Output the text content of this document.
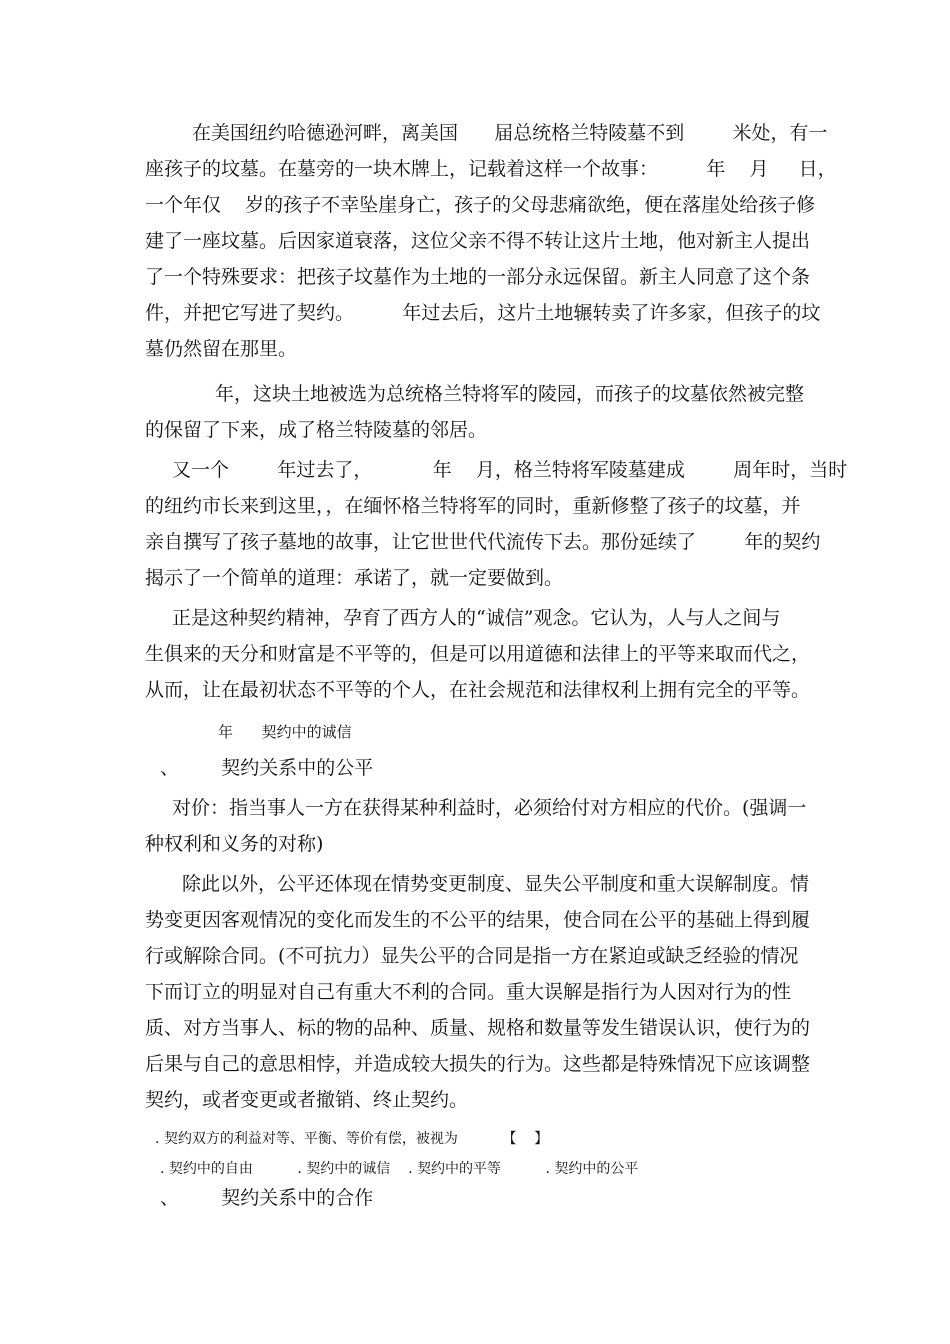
在美国纽约哈德逊河畔，离美国      届总统格兰特陵墓不到        米处，有一
座孩子的坟墓。在墓旁的一块木牌上，记载着这样一个故事：        年    月     日，
一个年仅    岁的孩子不幸坠崖身亡，孩子的父母悲痛欲绝，便在落崖处给孩子修
建了一座坟墓。后因家道衰落，这位父亲不得不转让这片土地，他对新主人提出
了一个特殊要求：把孩子坟墓作为土地的一部分永远保留。新主人同意了这个条
件，并把它写进了契约。        年过去后，这片土地辗转卖了许多家，但孩子的坟
墓仍然留在那里。
年，这块土地被选为总统格兰特将军的陵园，而孩子的坟墓依然被完整
的保留了下来，成了格兰特陵墓的邻居。
又一个        年过去了，          年    月，格兰特将军陵墓建成        周年时，当时
的纽约市长来到这里，，在缅怀格兰特将军的同时，重新修整了孩子的坟墓，并
亲自撰写了孩子墓地的故事，让它世世代代流传下去。那份延续了        年的契约
揭示了一个简单的道理：承诺了，就一定要做到。
正是这种契约精神，孕育了西方人的“诚信”观念。它认为，人与人之间与
生俱来的天分和财富是不平等的，但是可以用道德和法律上的平等来取而代之，
从而，让在最初状态不平等的个人，在社会规范和法律权利上拥有完全的平等。
年      契约中的诚信
、       契约关系中的公平
对价：指当事人一方在获得某种利益时，必须给付对方相应的代价。(强调一
种权利和义务的对称)
除此以外，公平还体现在情势变更制度、显失公平制度和重大误解制度。情
势变更因客观情况的变化而发生的不公平的结果，使合同在公平的基础上得到履
行或解除合同。(不可抗力）显失公平的合同是指一方在紧迫或缺乏经验的情况
下而订立的明显对自己有重大不利的合同。重大误解是指行为人因对行为的性
质、对方当事人、标的物的品种、质量、规格和数量等发生错误认识，使行为的
后果与自己的意思相悖，并造成较大损失的行为。这些都是特殊情况下应该调整
契约，或者变更或者撤销、终止契约。
. 契约双方的利益对等、平衡、等价有偿，被视为          【    】
. 契约中的自由          . 契约中的诚信    . 契约中的平等          . 契约中的公平
、       契约关系中的合作
